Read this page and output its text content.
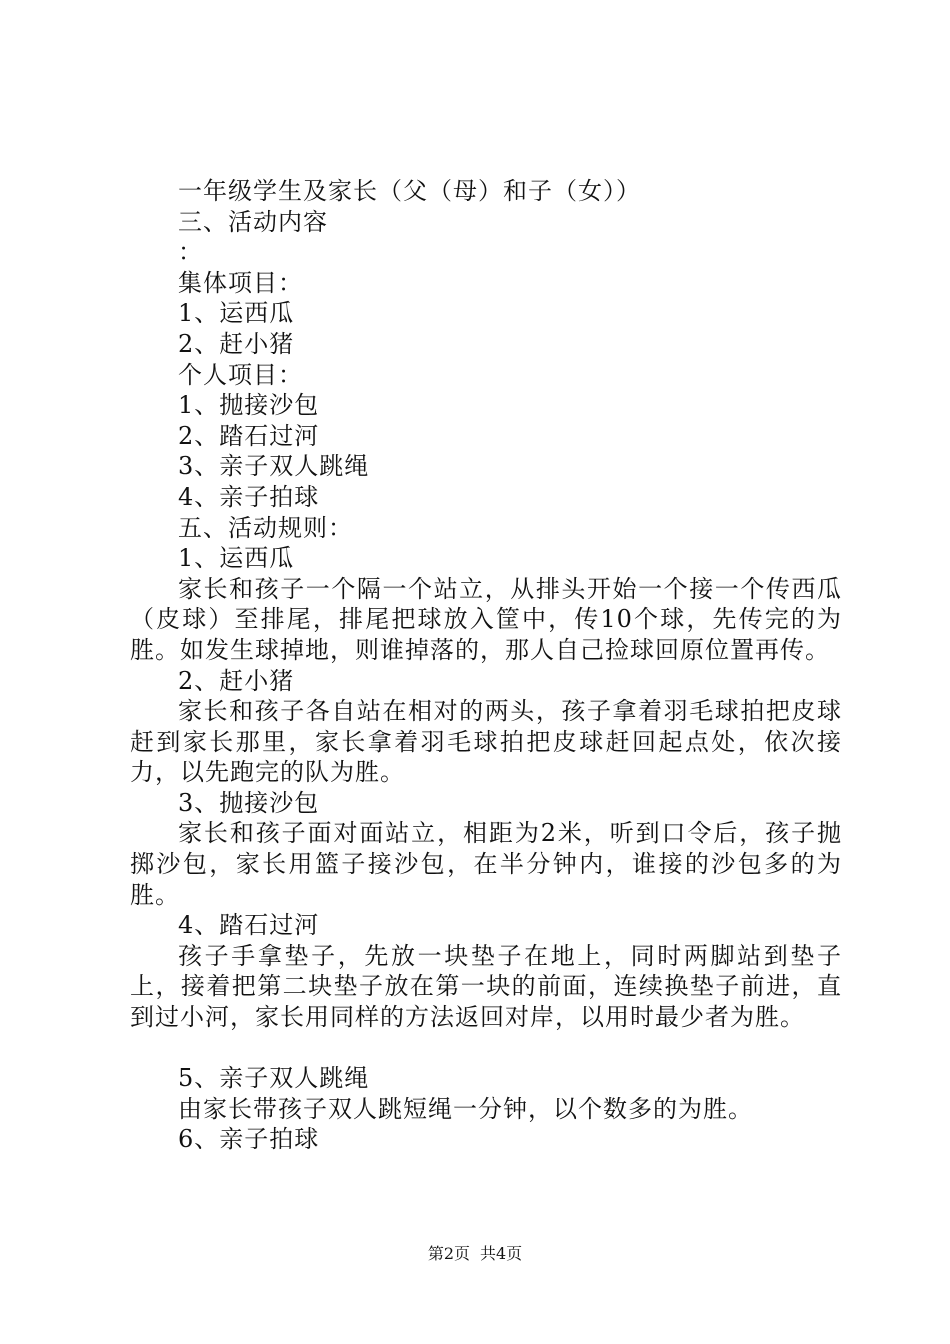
一年级学生及家长（父（母）和子（女））
三、活动内容
：
集体项目：
1、运西瓜
2、赶小猪
个人项目：
1、抛接沙包
2、踏石过河
3、亲子双人跳绳
4、亲子拍球
五、活动规则：
1、运西瓜
家长和孩子一个隔一个站立，从排头开始一个接一个传西瓜（皮球）至排尾，排尾把球放入筐中，传10个球，先传完的为胜。如发生球掉地，则谁掉落的，那人自己捡球回原位置再传。
2、赶小猪
家长和孩子各自站在相对的两头，孩子拿着羽毛球拍把皮球赶到家长那里，家长拿着羽毛球拍把皮球赶回起点处，依次接力，以先跑完的队为胜。
3、抛接沙包
家长和孩子面对面站立，相距为2米，听到口令后，孩子抛掷沙包，家长用篮子接沙包，在半分钟内，谁接的沙包多的为胜。
4、踏石过河
孩子手拿垫子，先放一块垫子在地上，同时两脚站到垫子上，接着把第二块垫子放在第一块的前面，连续换垫子前进，直到过小河，家长用同样的方法返回对岸，以用时最少者为胜。
5、亲子双人跳绳
由家长带孩子双人跳短绳一分钟，以个数多的为胜。
6、亲子拍球
第2页 共4页
